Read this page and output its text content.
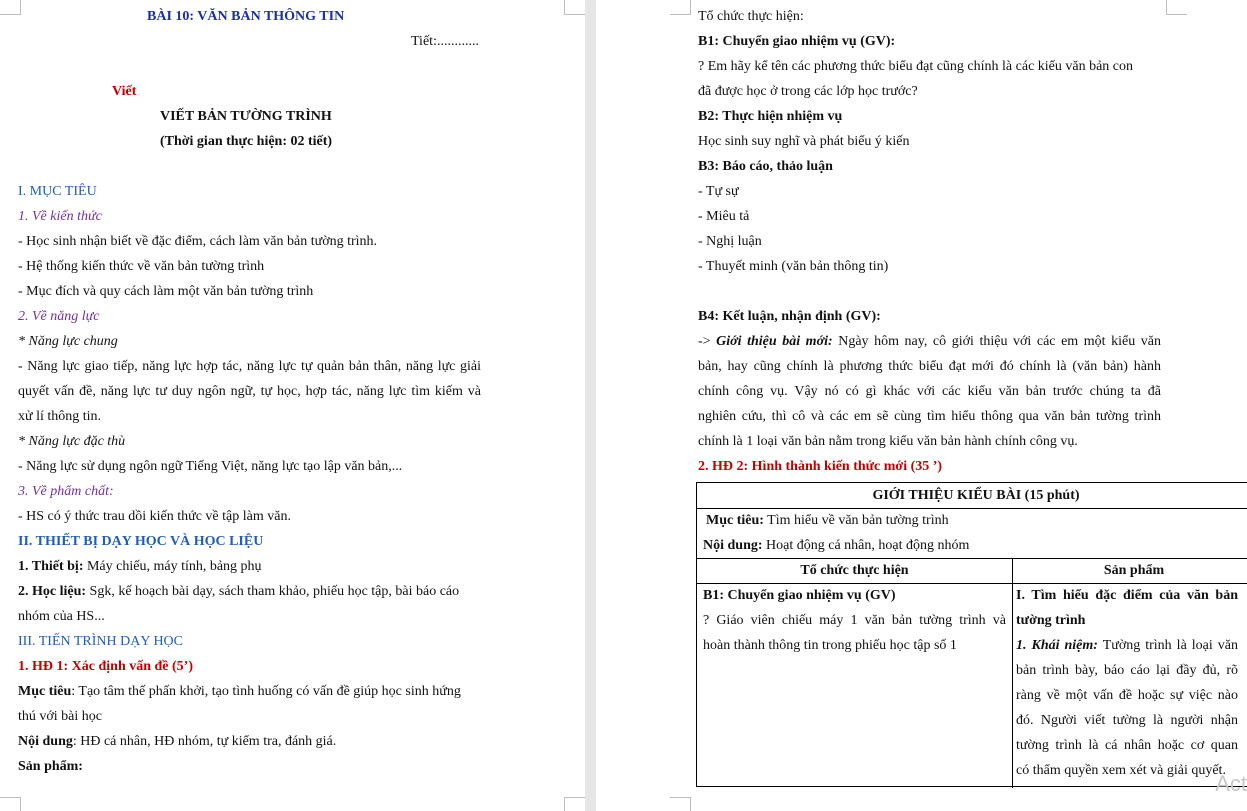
BÀI 10: VĂN BẢN THÔNG TIN
Tiết:............
Viết
VIẾT BẢN TƯỜNG TRÌNH
(Thời gian thực hiện: 02 tiết)
I. MỤC TIÊU
1. Về kiến thức
- Học sinh nhận biết về đặc điểm, cách làm văn bản tường trình.
- Hệ thống kiến thức về văn bản tường trình
- Mục đích và quy cách làm một văn bản tường trình
2. Về năng lực
* Năng lực chung
- Năng lực giao tiếp, năng lực hợp tác, năng lực tự quản bản thân, năng lực giải
quyết vấn đề, năng lực tư duy ngôn ngữ, tự học, hợp tác, năng lực tìm kiếm và
xử lí thông tin.
* Năng lực đặc thù
- Năng lực sử dụng ngôn ngữ Tiếng Việt, năng lực tạo lập văn bản,...
3. Về phẩm chất:
- HS có ý thức trau dồi kiến thức về tập làm văn.
II. THIẾT BỊ DẠY HỌC VÀ HỌC LIỆU
1. Thiết bị: Máy chiếu, máy tính, bảng phụ
2. Học liệu: Sgk, kế hoạch bài dạy, sách tham khảo, phiếu học tập, bài báo cáo
nhóm của HS...
III. TIẾN TRÌNH DẠY HỌC
1. HĐ 1: Xác định vấn đề (5’)
Mục tiêu: Tạo tâm thế phấn khởi, tạo tình huống có vấn đề giúp học sinh hứng
thú với bài học
Nội dung: HĐ cá nhân, HĐ nhóm, tự kiểm tra, đánh giá.
Sản phẩm:
Tổ chức thực hiện:
B1: Chuyển giao nhiệm vụ (GV):
? Em hãy kể tên các phương thức biểu đạt cũng chính là các kiểu văn bản con
đã được học ở trong các lớp học trước?
B2: Thực hiện nhiệm vụ
Học sinh suy nghĩ và phát biểu ý kiến
B3: Báo cáo, thảo luận
- Tự sự
- Miêu tả
- Nghị luận
- Thuyết minh (văn bản thông tin)
B4: Kết luận, nhận định (GV):
-> Giới thiệu bài mới: Ngày hôm nay, cô giới thiệu với các em một kiểu văn
bản, hay cũng chính là phương thức biểu đạt mới đó chính là (văn bản) hành
chính công vụ. Vậy nó có gì khác với các kiểu văn bản trước chúng ta đã
nghiên cứu, thì cô và các em sẽ cùng tìm hiểu thông qua văn bản tường trình
chính là 1 loại văn bản nằm trong kiểu văn bản hành chính công vụ.
2. HĐ 2: Hình thành kiến thức mới (35 ’)
GIỚI THIỆU KIỂU BÀI (15 phút)
Mục tiêu: Tìm hiểu về văn bản tường trình
Nội dung: Hoạt động cá nhân, hoạt động nhóm
Tổ chức thực hiện	Sản phẩm
B1: Chuyển giao nhiệm vụ (GV)
? Giáo viên chiếu máy 1 văn bản tường trình và
hoàn thành thông tin trong phiếu học tập số 1
I. Tìm hiểu đặc điểm của văn bản
tường trình
1. Khái niệm: Tường trình là loại văn
bản trình bày, báo cáo lại đầy đủ, rõ
ràng về một vấn đề hoặc sự việc nào
đó. Người viết tường là người nhận
tường trình là cá nhân hoặc cơ quan
có thẩm quyền xem xét và giải quyết.
Act
